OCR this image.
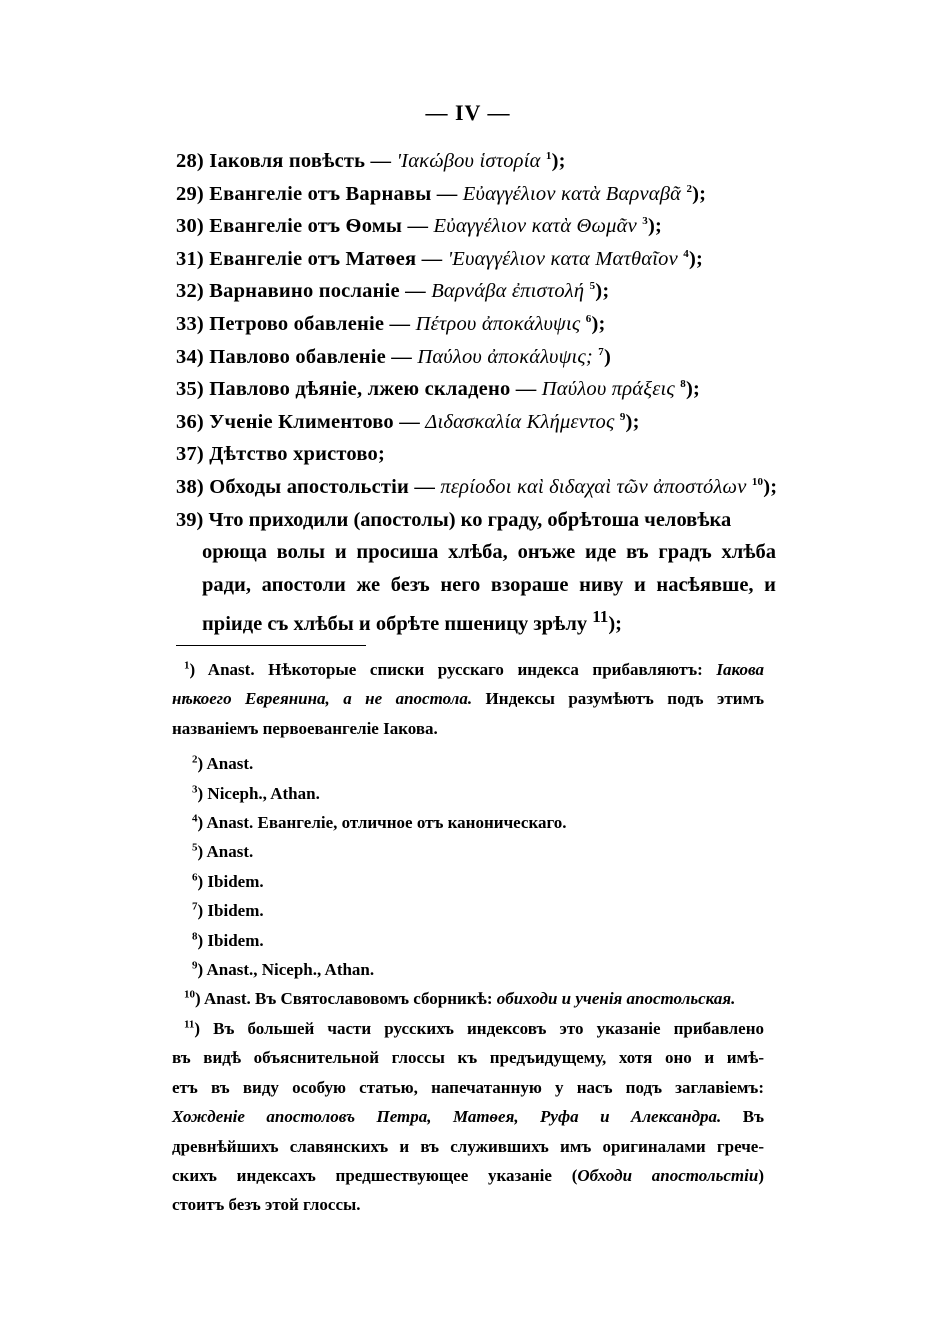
— IV —
28) Іаковля повѣсть — 'Ιακώβου ἱστορία $^1$);
29) Евангеліе отъ Варнавы — Εὐαγγέλιον κατὰ Βαρναβᾶ $^2$);
30) Евангеліе отъ Ѳомы — Εὐαγγέλιον κατὰ Θωμᾶν $^3$);
31) Евангеліе отъ Матѳея — 'Ευαγγέλιον κατα Ματθαῖον $^4$);
32) Варнавино посланіе — Βαρνάβα ἐπιστολή $^5$);
33) Петрово обавленіе — Πέτρου ἀποκάλυψις $^6$);
34) Павлово обавленіе — Παύλου ἀποκάλυψις; $^7$)
35) Павлово дѣяніе, лжею складено — Παύλου πράξεις $^8$);
36) Ученіе Климентово — Διδασκαλία Κλήμεντος $^9$);
37) Дѣтство христово;
38) Обходы апостольстіи — περίοδοι καὶ διδαχαὶ τῶν ἀποστόλων $^{10}$);
39) Что приходили (апостолы) ко граду, обрѣтоша человѣка
орюща волы и просиша хлѣба, онъже иде въ градъ хлѣба
ради, апостоли же безъ него взораше ниву и насѣявше, и
пріиде съ хлѣбы и обрѣте пшеницу зрѣлу $^{11}$);
$^1$) Anast. Нѣкоторые списки русскаго индекса прибавляютъ: Іакова
нѣкоего Евреянина, а не апостола. Индексы разумѣютъ подъ этимъ
названіемъ первоевангеліе Іакова.
$^2$) Anast.
$^3$) Niceph., Athan.
$^4$) Anast. Евангеліе, отличное отъ каноническаго.
$^5$) Anast.
$^6$) Ibidem.
$^7$) Ibidem.
$^8$) Ibidem.
$^9$) Anast., Niceph., Athan.
$^{10}$) Anast. Въ Святославовомъ сборникѣ: обиходи и ученія апостольская.
$^{11}$) Въ большей части русскихъ индексовъ это указаніе прибавлено
въ видѣ объяснительной глоссы къ предъидущему, хотя оно и имѣ-
етъ въ виду особую статью, напечатанную у насъ подъ заглавіемъ:
Хожденіе апостоловъ Петра, Матѳея, Руфа и Александра. Въ
древнѣйшихъ славянскихъ и въ служившихъ имъ оригиналами грече-
скихъ индексахъ предшествующее указаніе (Обходи апостольстіи)
стоитъ безъ этой глоссы.
